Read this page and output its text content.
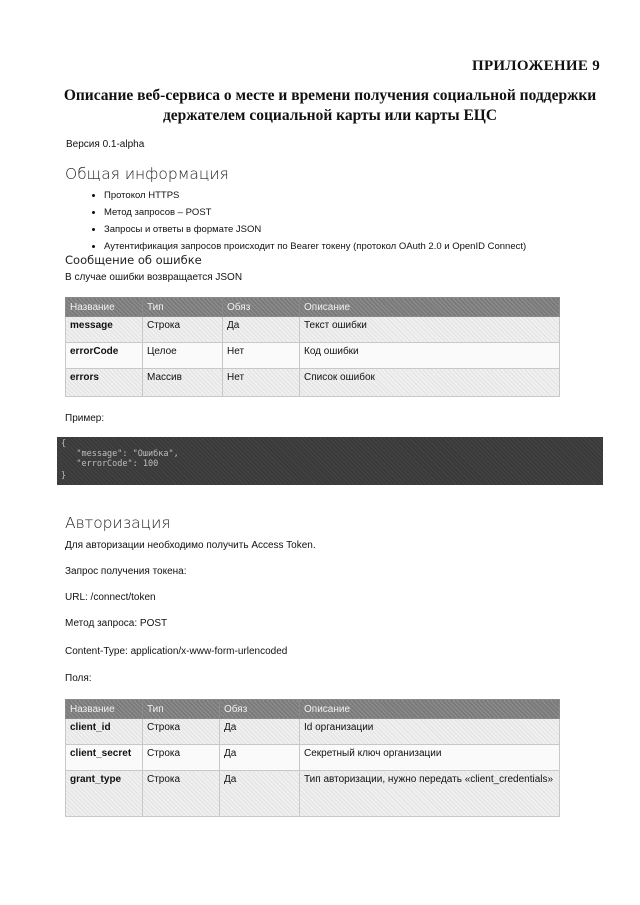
ПРИЛОЖЕНИЕ 9
Описание веб-сервиса о месте и времени получения социальной поддержки
держателем социальной карты или карты ЕЦС
Версия 0.1-alpha
Общая информация
• Протокол HTTPS
• Метод запросов – POST
• Запросы и ответы в формате JSON
• Аутентификация запросов происходит по Bearer токену (протокол OAuth 2.0 и OpenID Connect)
Сообщение об ошибке
В случае ошибки возвращается JSON
Название	Тип	Обяз	Описание
message	Строка	Да	Текст ошибки
errorCode	Целое	Нет	Код ошибки
errors	Массив	Нет	Список ошибок
Пример:
{
"message": "Ошибка",
"errorCode": 100
}
Авторизация
Для авторизации необходимо получить Access Token.
Запрос получения токена:
URL: /connect/token
Метод запроса: POST
Content-Type: application/x-www-form-urlencoded
Поля:
Название	Тип	Обяз	Описание
client_id	Строка	Да	Id организации
client_secret	Строка	Да	Секретный ключ организации
grant_type	Строка	Да	Тип авторизации, нужно передать «client_credentials»
